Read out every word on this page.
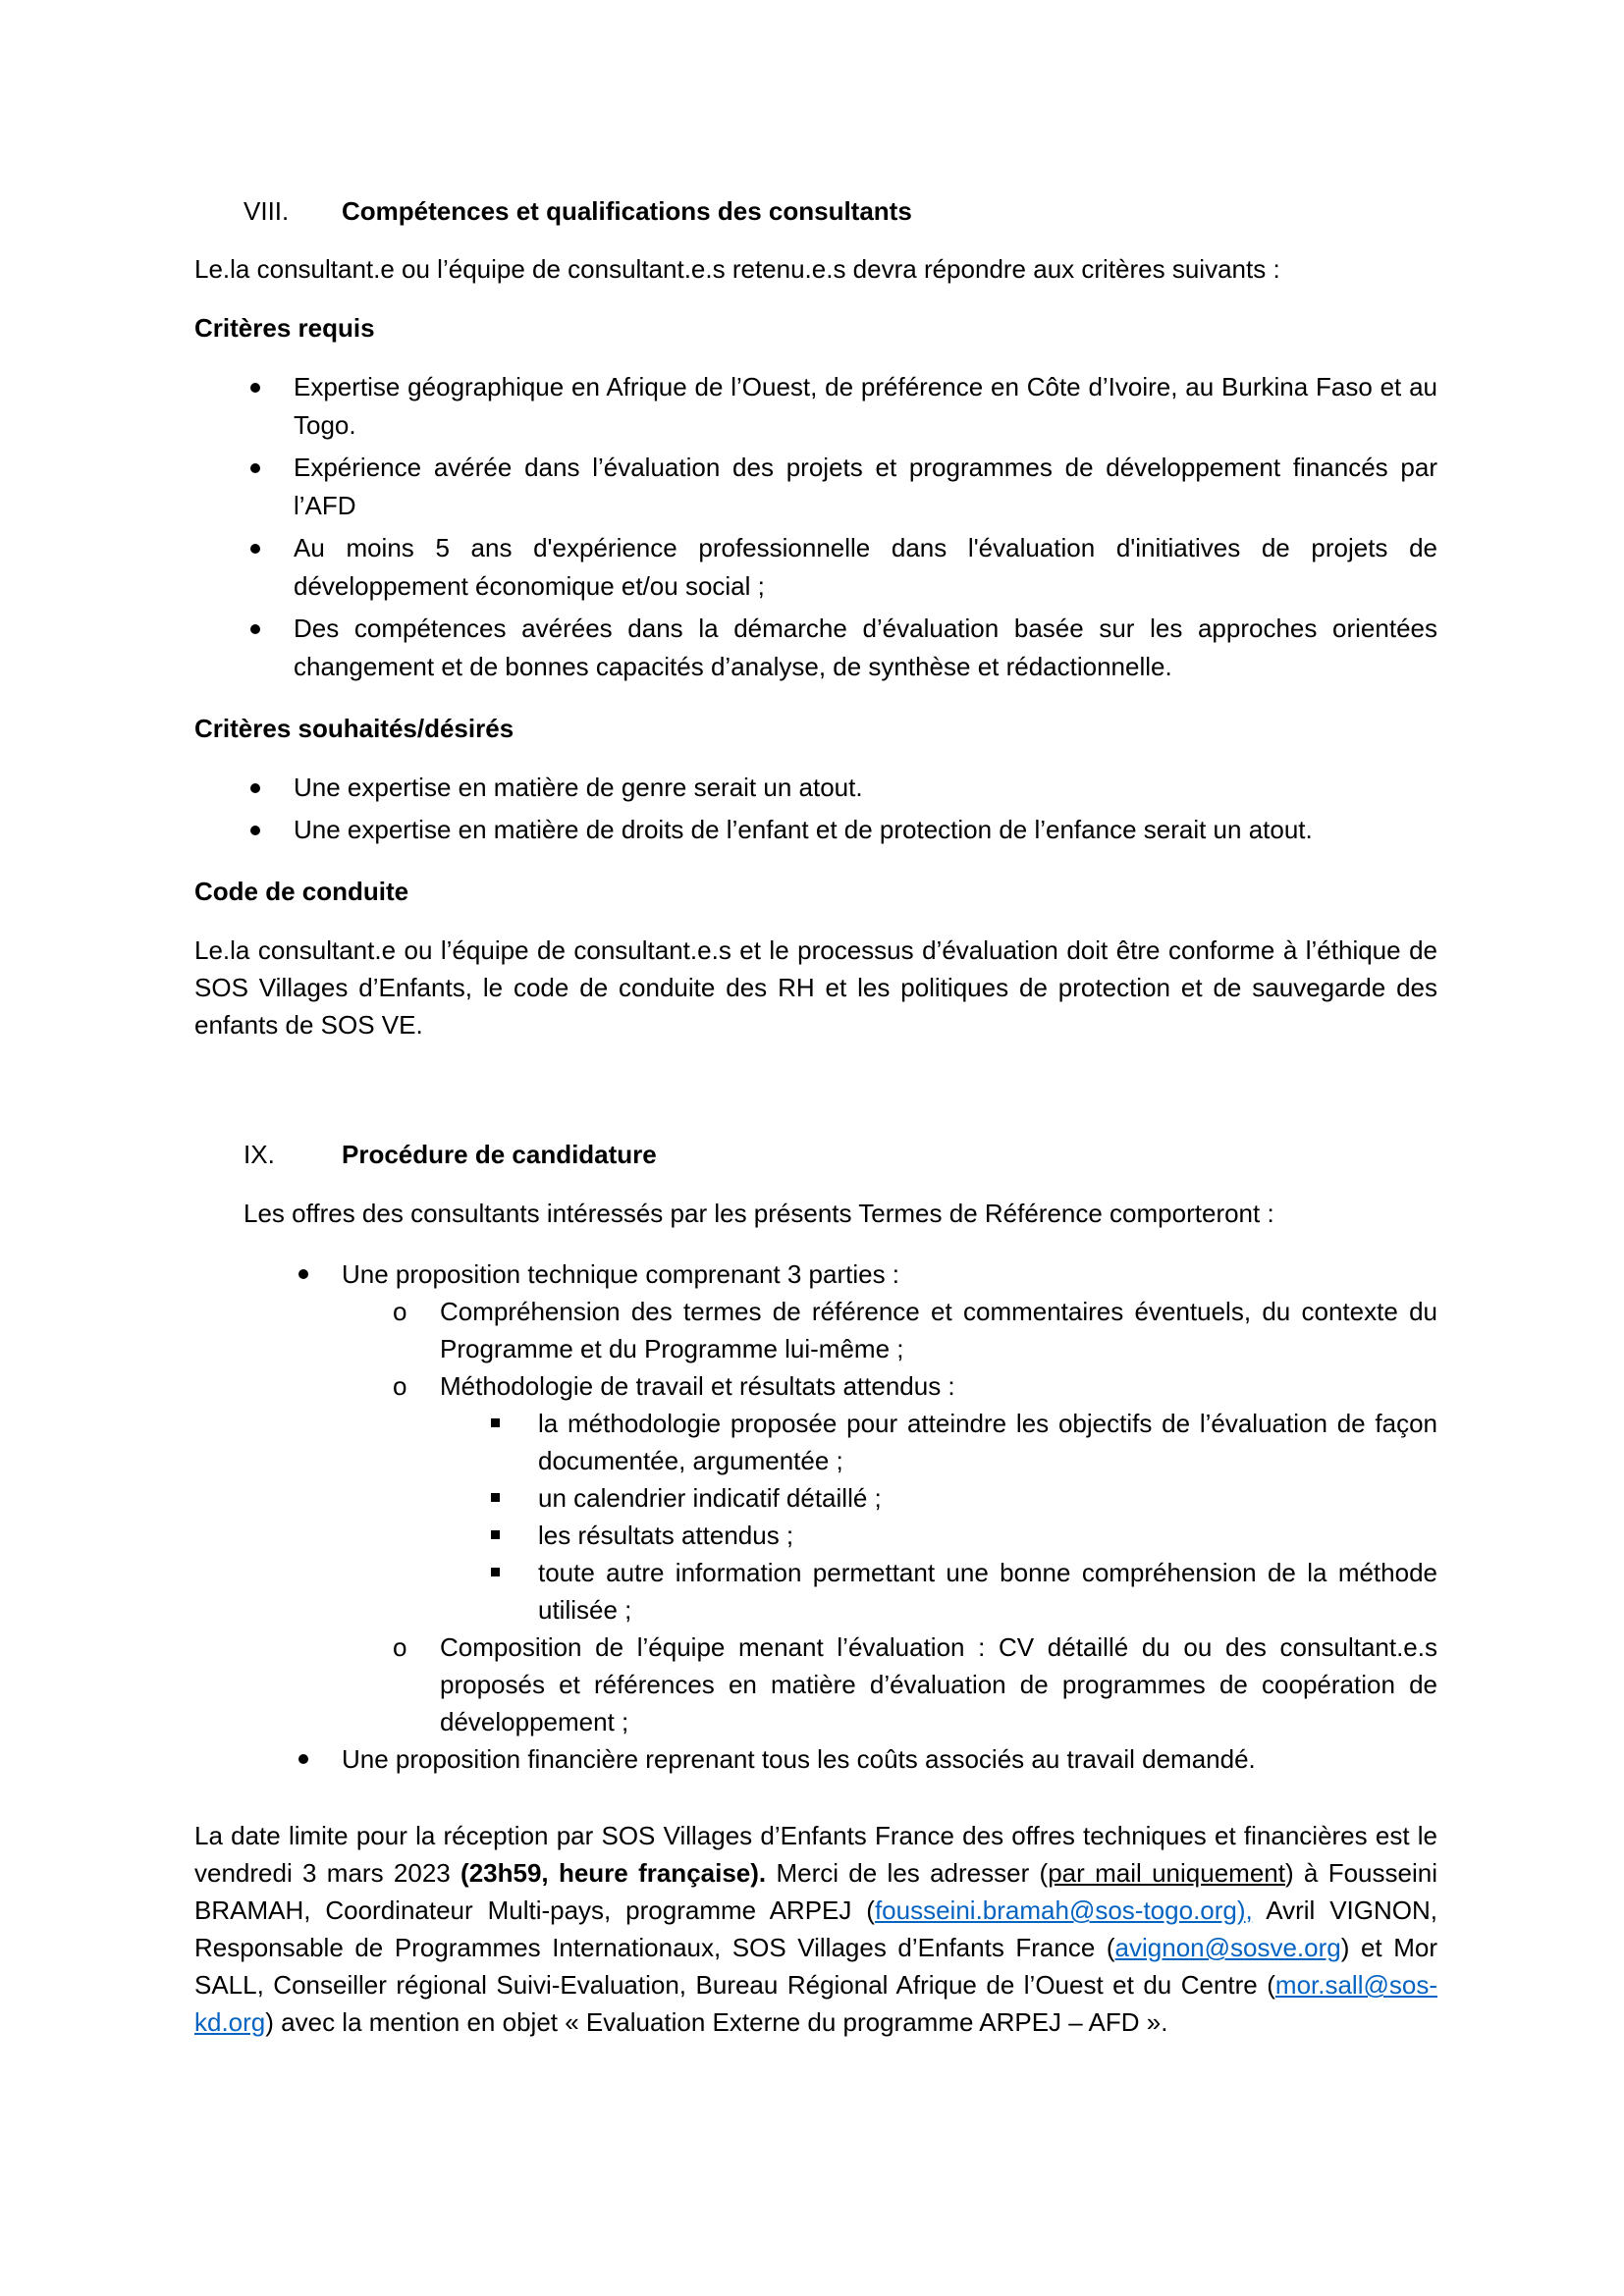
VIII.	Compétences et qualifications des consultants

Le.la consultant.e ou l’équipe de consultant.e.s retenu.e.s devra répondre aux critères suivants :

Critères requis

Expertise géographique en Afrique de l’Ouest, de préférence en Côte d’Ivoire, au Burkina Faso et au Togo.
Expérience avérée dans l’évaluation des projets et programmes de développement financés par l’AFD
Au moins 5 ans d'expérience professionnelle dans l'évaluation d'initiatives de projets de développement économique et/ou social ;
Des compétences avérées dans la démarche d’évaluation basée sur les approches orientées changement et de bonnes capacités d’analyse, de synthèse et rédactionnelle.

Critères souhaités/désirés

Une expertise en matière de genre serait un atout.
Une expertise en matière de droits de l’enfant et de protection de l’enfance serait un atout.

Code de conduite

Le.la consultant.e ou l’équipe de consultant.e.s et le processus d’évaluation doit être conforme à l’éthique de SOS Villages d’Enfants, le code de conduite des RH et les politiques de protection et de sauvegarde des enfants de SOS VE.

IX.	Procédure de candidature

Les offres des consultants intéressés par les présents Termes de Référence comporteront :

Une proposition technique comprenant 3 parties :
o Compréhension des termes de référence et commentaires éventuels, du contexte du Programme et du Programme lui-même ;
o Méthodologie de travail et résultats attendus :
la méthodologie proposée pour atteindre les objectifs de l’évaluation de façon documentée, argumentée ;
un calendrier indicatif détaillé ;
les résultats attendus ;
toute autre information permettant une bonne compréhension de la méthode utilisée ;
o Composition de l’équipe menant l’évaluation : CV détaillé du ou des consultant.e.s proposés et références en matière d’évaluation de programmes de coopération de développement ;
Une proposition financière reprenant tous les coûts associés au travail demandé.

La date limite pour la réception par SOS Villages d’Enfants France des offres techniques et financières est le vendredi 3 mars 2023 (23h59, heure française). Merci de les adresser (par mail uniquement) à Fousseini BRAMAH, Coordinateur Multi-pays, programme ARPEJ (fousseini.bramah@sos-togo.org), Avril VIGNON, Responsable de Programmes Internationaux, SOS Villages d’Enfants France (avignon@sosve.org) et Mor SALL, Conseiller régional Suivi-Evaluation, Bureau Régional Afrique de l’Ouest et du Centre (mor.sall@sos-kd.org) avec la mention en objet « Evaluation Externe du programme ARPEJ – AFD ».
